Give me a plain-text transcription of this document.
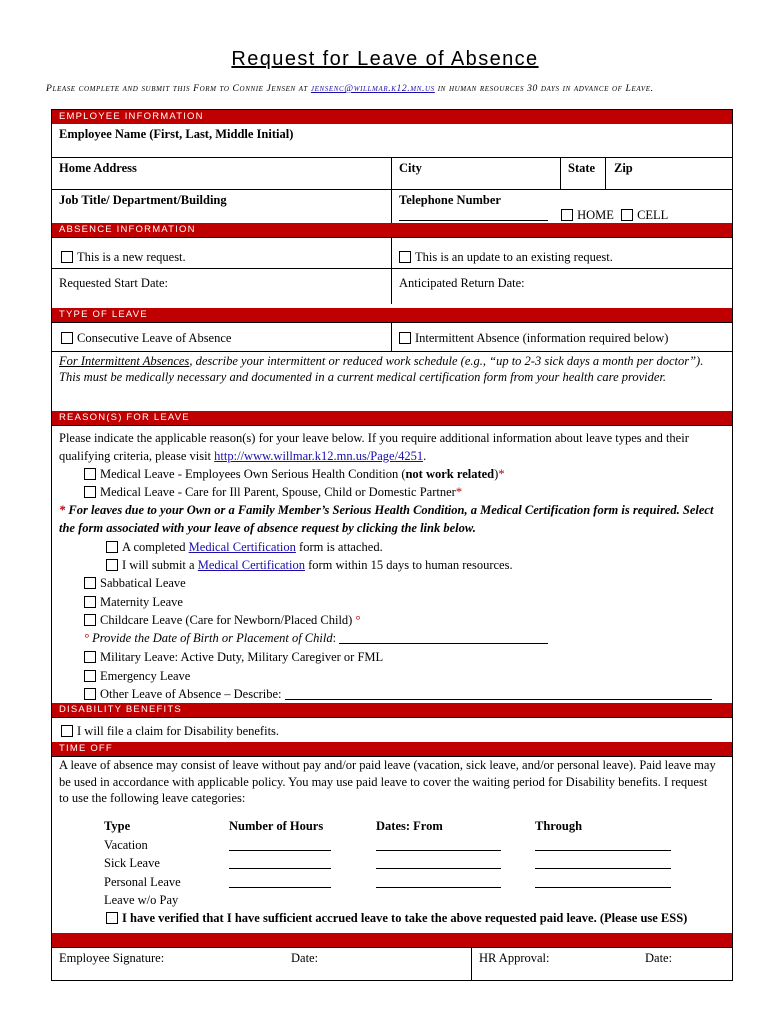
Request for Leave of Absence
Please complete and submit this Form to Connie Jensen at jensenc@willmar.k12.mn.us in human resources 30 days in advance of Leave.
EMPLOYEE INFORMATION
Employee Name (First, Last, Middle Initial)
Home Address	City	State Zip
Job Title/ Department/Building	Telephone Number
HOME CELL
ABSENCE INFORMATION
This is a new request.	This is an update to an existing request.
Requested Start Date:	Anticipated Return Date:
TYPE OF LEAVE
Consecutive Leave of Absence	Intermittent Absence (information required below)
For Intermittent Absences, describe your intermittent or reduced work schedule (e.g., “up to 2-3 sick days a month per doctor”).
This must be medically necessary and documented in a current medical certification form from your health care provider.
REASON(S) FOR LEAVE
Please indicate the applicable reason(s) for your leave below. If you require additional information about leave types and their
qualifying criteria, please visit http://www.willmar.k12.mn.us/Page/4251.
Medical Leave - Employees Own Serious Health Condition (not work related)*
Medical Leave - Care for Ill Parent, Spouse, Child or Domestic Partner*
* For leaves due to your Own or a Family Member’s Serious Health Condition, a Medical Certification form is required. Select
the form associated with your leave of absence request by clicking the link below.
A completed Medical Certification form is attached.
I will submit a Medical Certification form within 15 days to human resources.
Sabbatical Leave
Maternity Leave
Childcare Leave (Care for Newborn/Placed Child) °
° Provide the Date of Birth or Placement of Child:
Military Leave: Active Duty, Military Caregiver or FML
Emergency Leave
Other Leave of Absence – Describe:
DISABILITY BENEFITS
I will file a claim for Disability benefits.
TIME OFF
A leave of absence may consist of leave without pay and/or paid leave (vacation, sick leave, and/or personal leave). Paid leave may
be used in accordance with applicable policy. You may use paid leave to cover the waiting period for Disability benefits. I request
to use the following leave categories:
Type	Number of Hours	Dates: From	Through
Vacation
Sick Leave
Personal Leave
Leave w/o Pay
I have verified that I have sufficient accrued leave to take the above requested paid leave. (Please use ESS)
Employee Signature:	Date:	HR Approval:	Date:
